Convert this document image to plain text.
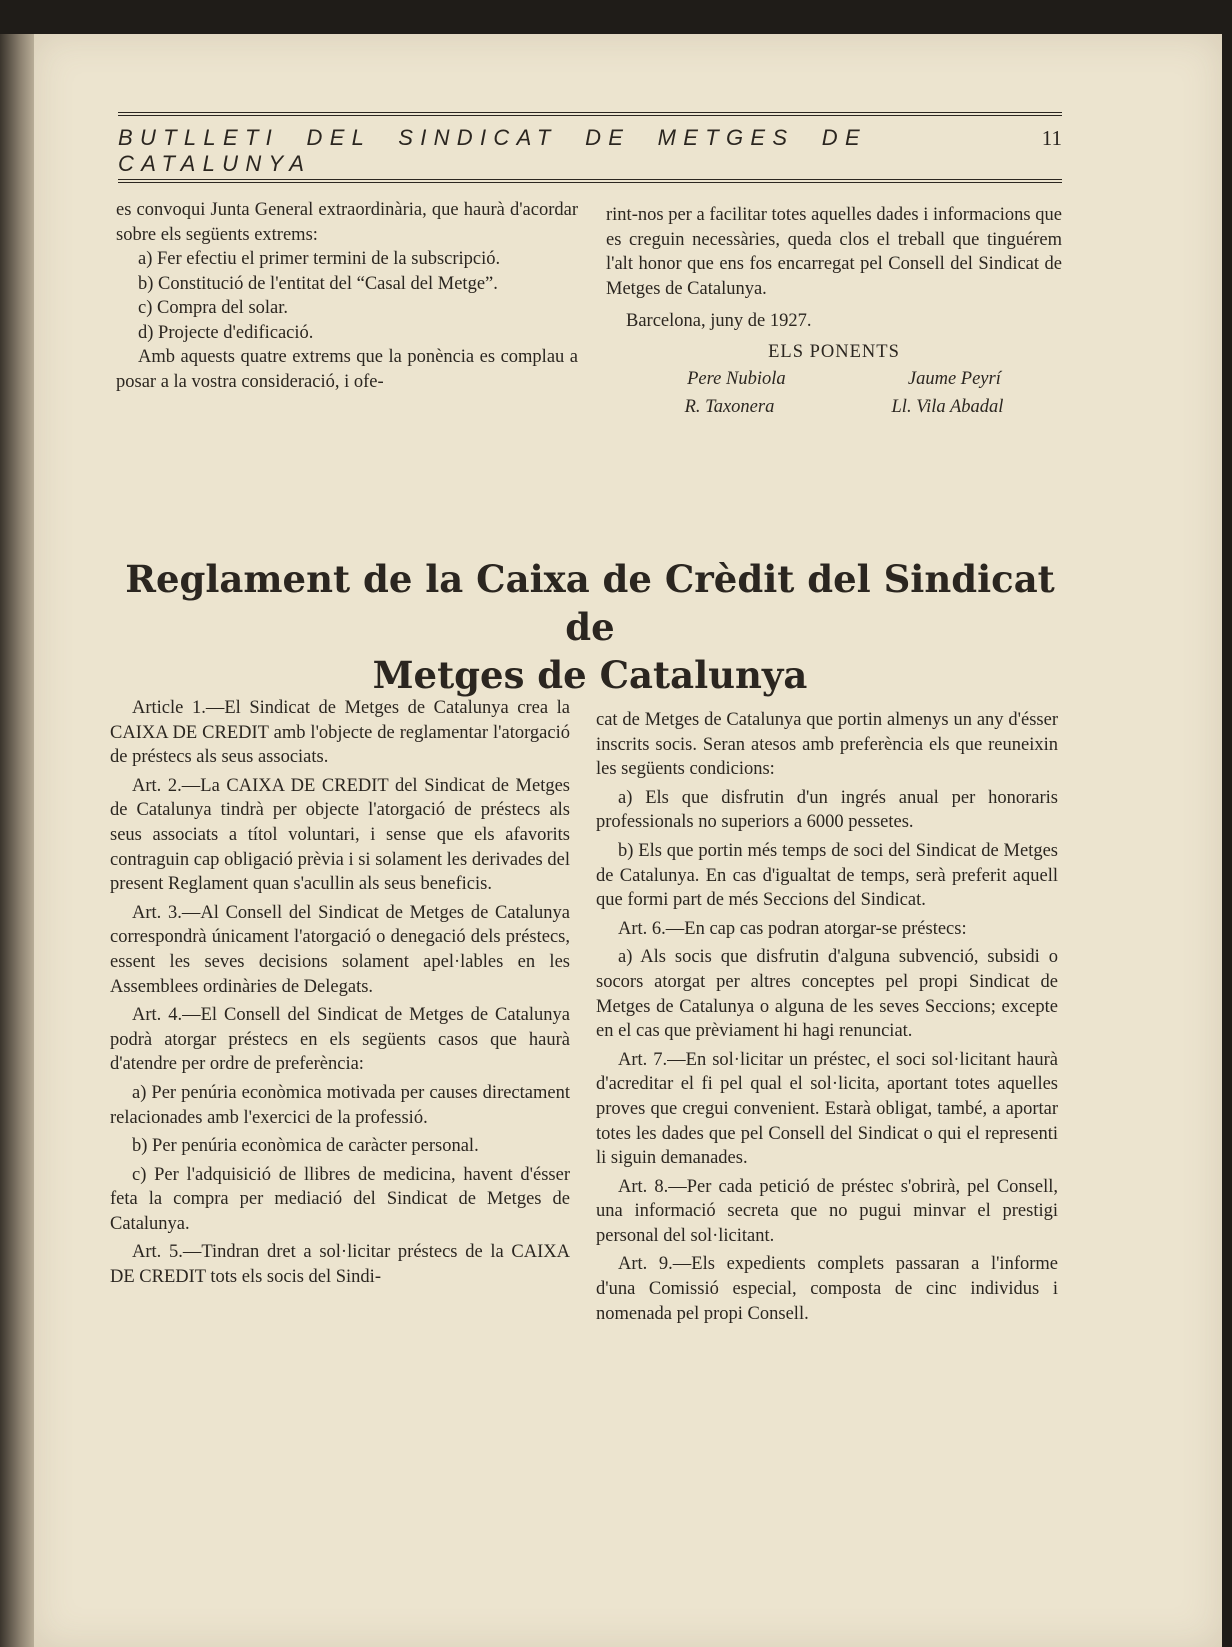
BUTLLETI DEL SINDICAT DE METGES DE CATALUNYA
11

es convoqui Junta General extraordinària, que haurà d'acordar sobre els següents extrems:

a) Fer efectiu el primer termini de la subscripció.

b) Constitució de l'entitat del “Casal del Metge”.

c) Compra del solar.

d) Projecte d'edificació.

Amb aquests quatre extrems que la ponència es complau a posar a la vostra consideració, i ofe-

rint-nos per a facilitar totes aquelles dades i informacions que es creguin necessàries, queda clos el treball que tinguérem l'alt honor que ens fos encarregat pel Consell del Sindicat de Metges de Catalunya.

Barcelona, juny de 1927.

ELS PONENTS

Pere Nubiola	Jaume Peyrí
R. Taxonera	Ll. Vila Abadal
Reglament de la Caixa de Crèdit del Sindicat de
Metges de Catalunya

Article 1.—El Sindicat de Metges de Catalunya crea la CAIXA DE CREDIT amb l'objecte de reglamentar l'atorgació de préstecs als seus associats.

Art. 2.—La CAIXA DE CREDIT del Sindicat de Metges de Catalunya tindrà per objecte l'atorgació de préstecs als seus associats a títol voluntari, i sense que els afavorits contraguin cap obligació prèvia i si solament les derivades del present Reglament quan s'acullin als seus beneficis.

Art. 3.—Al Consell del Sindicat de Metges de Catalunya correspondrà únicament l'atorgació o denegació dels préstecs, essent les seves decisions solament apel·lables en les Assemblees ordinàries de Delegats.

Art. 4.—El Consell del Sindicat de Metges de Catalunya podrà atorgar préstecs en els següents casos que haurà d'atendre per ordre de preferència:

a) Per penúria econòmica motivada per causes directament relacionades amb l'exercici de la professió.

b) Per penúria econòmica de caràcter personal.

c) Per l'adquisició de llibres de medicina, havent d'ésser feta la compra per mediació del Sindicat de Metges de Catalunya.

Art. 5.—Tindran dret a sol·licitar préstecs de la CAIXA DE CREDIT tots els socis del Sindi-

cat de Metges de Catalunya que portin almenys un any d'ésser inscrits socis. Seran atesos amb preferència els que reuneixin les següents condicions:

a) Els que disfrutin d'un ingrés anual per honoraris professionals no superiors a 6000 pessetes.

b) Els que portin més temps de soci del Sindicat de Metges de Catalunya. En cas d'igualtat de temps, serà preferit aquell que formi part de més Seccions del Sindicat.

Art. 6.—En cap cas podran atorgar-se préstecs:

a) Als socis que disfrutin d'alguna subvenció, subsidi o socors atorgat per altres conceptes pel propi Sindicat de Metges de Catalunya o alguna de les seves Seccions; excepte en el cas que prèviament hi hagi renunciat.

Art. 7.—En sol·licitar un préstec, el soci sol·licitant haurà d'acreditar el fi pel qual el sol·licita, aportant totes aquelles proves que cregui convenient. Estarà obligat, també, a aportar totes les dades que pel Consell del Sindicat o qui el representi li siguin demanades.

Art. 8.—Per cada petició de préstec s'obrirà, pel Consell, una informació secreta que no pugui minvar el prestigi personal del sol·licitant.

Art. 9.—Els expedients complets passaran a l'informe d'una Comissió especial, composta de cinc individus i nomenada pel propi Consell.
